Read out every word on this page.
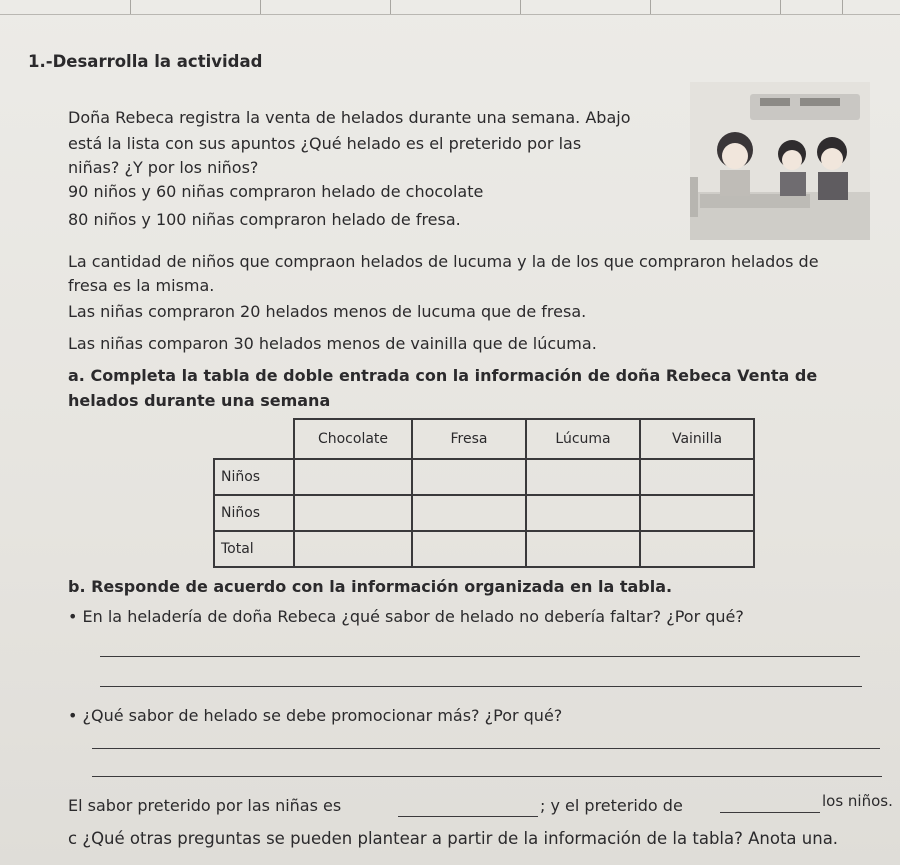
1.-Desarrolla la actividad
Doña Rebeca registra la venta de helados durante una semana. Abajo
está la lista con sus apuntos ¿Qué helado es el preterido por las
niñas? ¿Y por los niños?
90 niños y 60 niñas compraron helado de chocolate
80 niños y 100 niñas compraron helado de fresa.
La cantidad de niños que compraon helados de lucuma y la de los que compraron helados de
fresa es la misma.
Las niñas compraron 20 helados menos de lucuma que de fresa.
Las niñas comparon 30 helados menos de vainilla que de lúcuma.
a. Completa la tabla de doble entrada con la información de doña Rebeca Venta de
helados durante una semana
	Chocolate	Fresa	Lúcuma	Vainilla
Niños				
Niños				
Total				
b. Responde de acuerdo con la información organizada en la tabla.
• En la heladería de doña Rebeca ¿qué sabor de helado no debería faltar? ¿Por qué?
• ¿Qué sabor de helado se debe promocionar más? ¿Por qué?
El sabor preterido por las niñas es	; y el preterido de	los niños.
c ¿Qué otras preguntas se pueden plantear a partir de la información de la tabla? Anota una.
